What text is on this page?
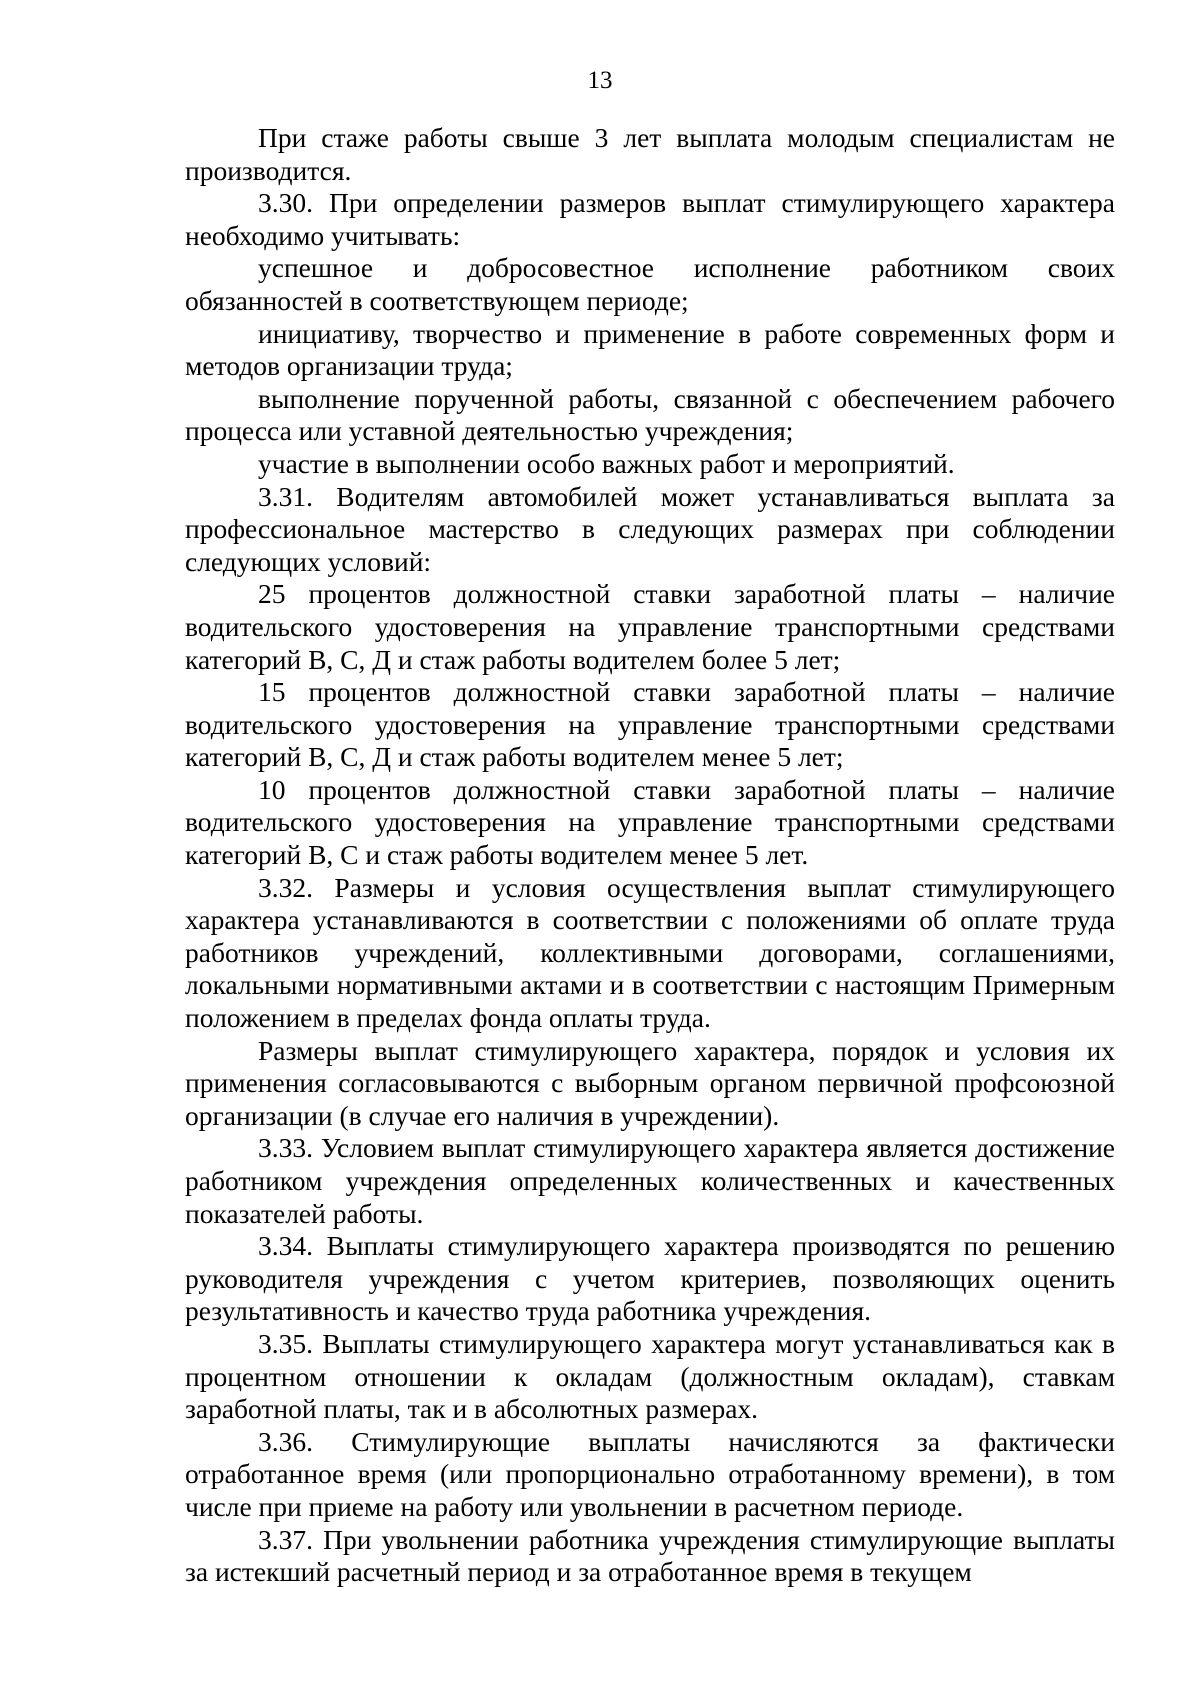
13

При стаже работы свыше 3 лет выплата молодым специалистам не производится.

3.30. При определении размеров выплат стимулирующего характера необходимо учитывать:

успешное и добросовестное исполнение работником своих обязанностей в соответствующем периоде;

инициативу, творчество и применение в работе современных форм и методов организации труда;

выполнение порученной работы, связанной с обеспечением рабочего процесса или уставной деятельностью учреждения;

участие в выполнении особо важных работ и мероприятий.

3.31. Водителям автомобилей может устанавливаться выплата за профессиональное мастерство в следующих размерах при соблюдении следующих условий:

25 процентов должностной ставки заработной платы – наличие водительского удостоверения на управление транспортными средствами категорий В, С, Д и стаж работы водителем более 5 лет;

15 процентов должностной ставки заработной платы – наличие водительского удостоверения на управление транспортными средствами категорий В, С, Д и стаж работы водителем менее 5 лет;

10 процентов должностной ставки заработной платы – наличие водительского удостоверения на управление транспортными средствами категорий В, С и стаж работы водителем менее 5 лет.

3.32. Размеры и условия осуществления выплат стимулирующего характера устанавливаются в соответствии с положениями об оплате труда работников учреждений, коллективными договорами, соглашениями, локальными нормативными актами и в соответствии с настоящим Примерным положением в пределах фонда оплаты труда.

Размеры выплат стимулирующего характера, порядок и условия их применения согласовываются с выборным органом первичной профсоюзной организации (в случае его наличия в учреждении).

3.33. Условием выплат стимулирующего характера является достижение работником учреждения определенных количественных и качественных показателей работы.

3.34. Выплаты стимулирующего характера производятся по решению руководителя учреждения с учетом критериев, позволяющих оценить результативность и качество труда работника учреждения.

3.35. Выплаты стимулирующего характера могут устанавливаться как в процентном отношении к окладам (должностным окладам), ставкам заработной платы, так и в абсолютных размерах.

3.36. Стимулирующие выплаты начисляются за фактически отработанное время (или пропорционально отработанному времени), в том числе при приеме на работу или увольнении в расчетном периоде.

3.37. При увольнении работника учреждения стимулирующие выплаты за истекший расчетный период и за отработанное время в текущем
